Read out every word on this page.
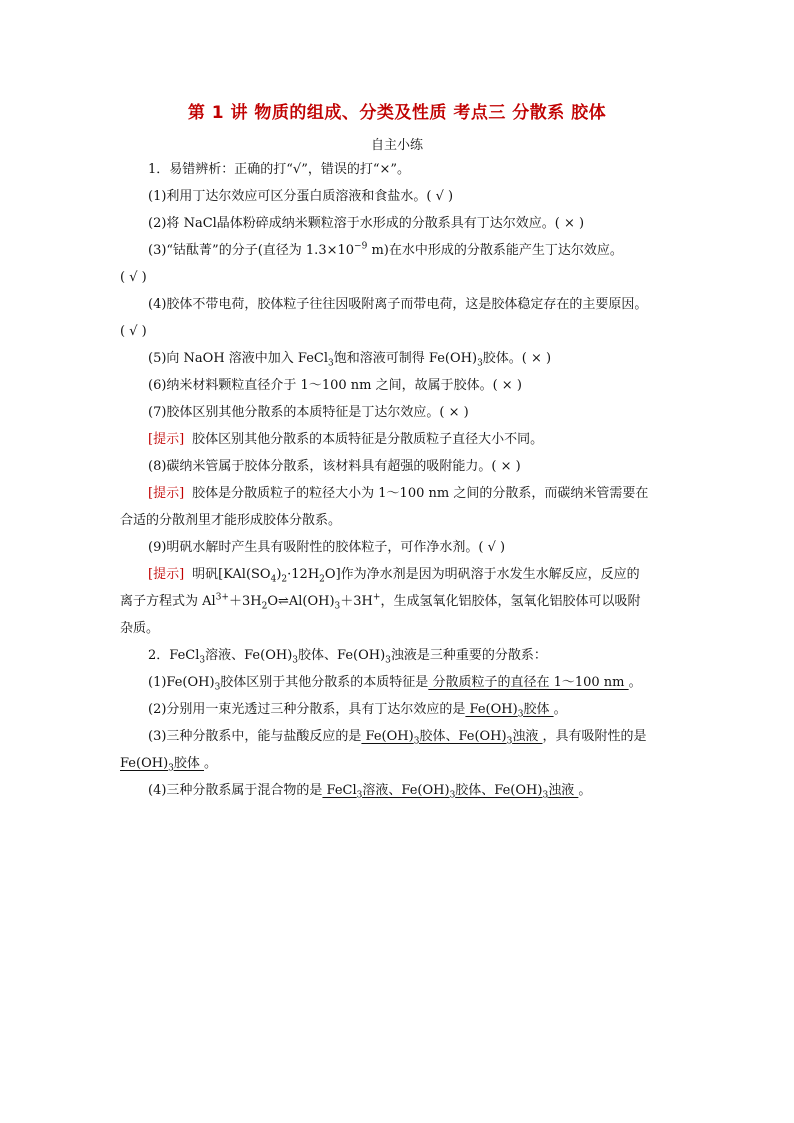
第 1 讲 物质的组成、分类及性质 考点三 分散系 胶体
自主小练
1．易错辨析：正确的打“√”，错误的打“×”。
(1)利用丁达尔效应可区分蛋白质溶液和食盐水。( √ )
(2)将 NaCl晶体粉碎成纳米颗粒溶于水形成的分散系具有丁达尔效应。( × )
(3)“钴酞菁”的分子(直径为 $1.3\times 10^{-9}$ m)在水中形成的分散系能产生丁达尔效应。
( √ )
(4)胶体不带电荷，胶体粒子往往因吸附离子而带电荷，这是胶体稳定存在的主要原因。
( √ )
(5)向 NaOH 溶液中加入 FeCl$_3$饱和溶液可制得 $Fe(OH)_3$胶体。( × )
(6)纳米材料颗粒直径介于 1～100 nm 之间，故属于胶体。( × )
(7)胶体区别其他分散系的本质特征是丁达尔效应。( × )
[提示] 胶体区别其他分散系的本质特征是分散质粒子直径大小不同。
(8)碳纳米管属于胶体分散系，该材料具有超强的吸附能力。( × )
[提示] 胶体是分散质粒子的粒径大小为 1～100 nm 之间的分散系，而碳纳米管需要在
合适的分散剂里才能形成胶体分散系。
(9)明矾水解时产生具有吸附性的胶体粒子，可作净水剂。( √ )
[提示] 明矾$[KAl(SO_4)_2\cdot 12H_2O]$作为净水剂是因为明矾溶于水发生水解反应，反应的
离子方程式为 $Al^{3+}+3H_2O\rightleftharpoons Al(OH)_3+3H^+$，生成氢氧化铝胶体，氢氧化铝胶体可以吸附
杂质。
2．FeCl$_3$溶液、$Fe(OH)_3$胶体、$Fe(OH)_3$浊液是三种重要的分散系：
$(1)Fe(OH)_3$胶体区别于其他分散系的本质特征是 分散质粒子的直径在 1～100 nm 。
(2)分别用一束光透过三种分散系，具有丁达尔效应的是 $Fe(OH)_3$胶体 。
(3)三种分散系中，能与盐酸反应的是 $Fe(OH)_3$胶体、$Fe(OH)_3$浊液 ，具有吸附性的是
$Fe(OH)_3$胶体 。
(4)三种分散系属于混合物的是 FeCl$_3$溶液、$Fe(OH)_3$胶体、$Fe(OH)_3$浊液 。
